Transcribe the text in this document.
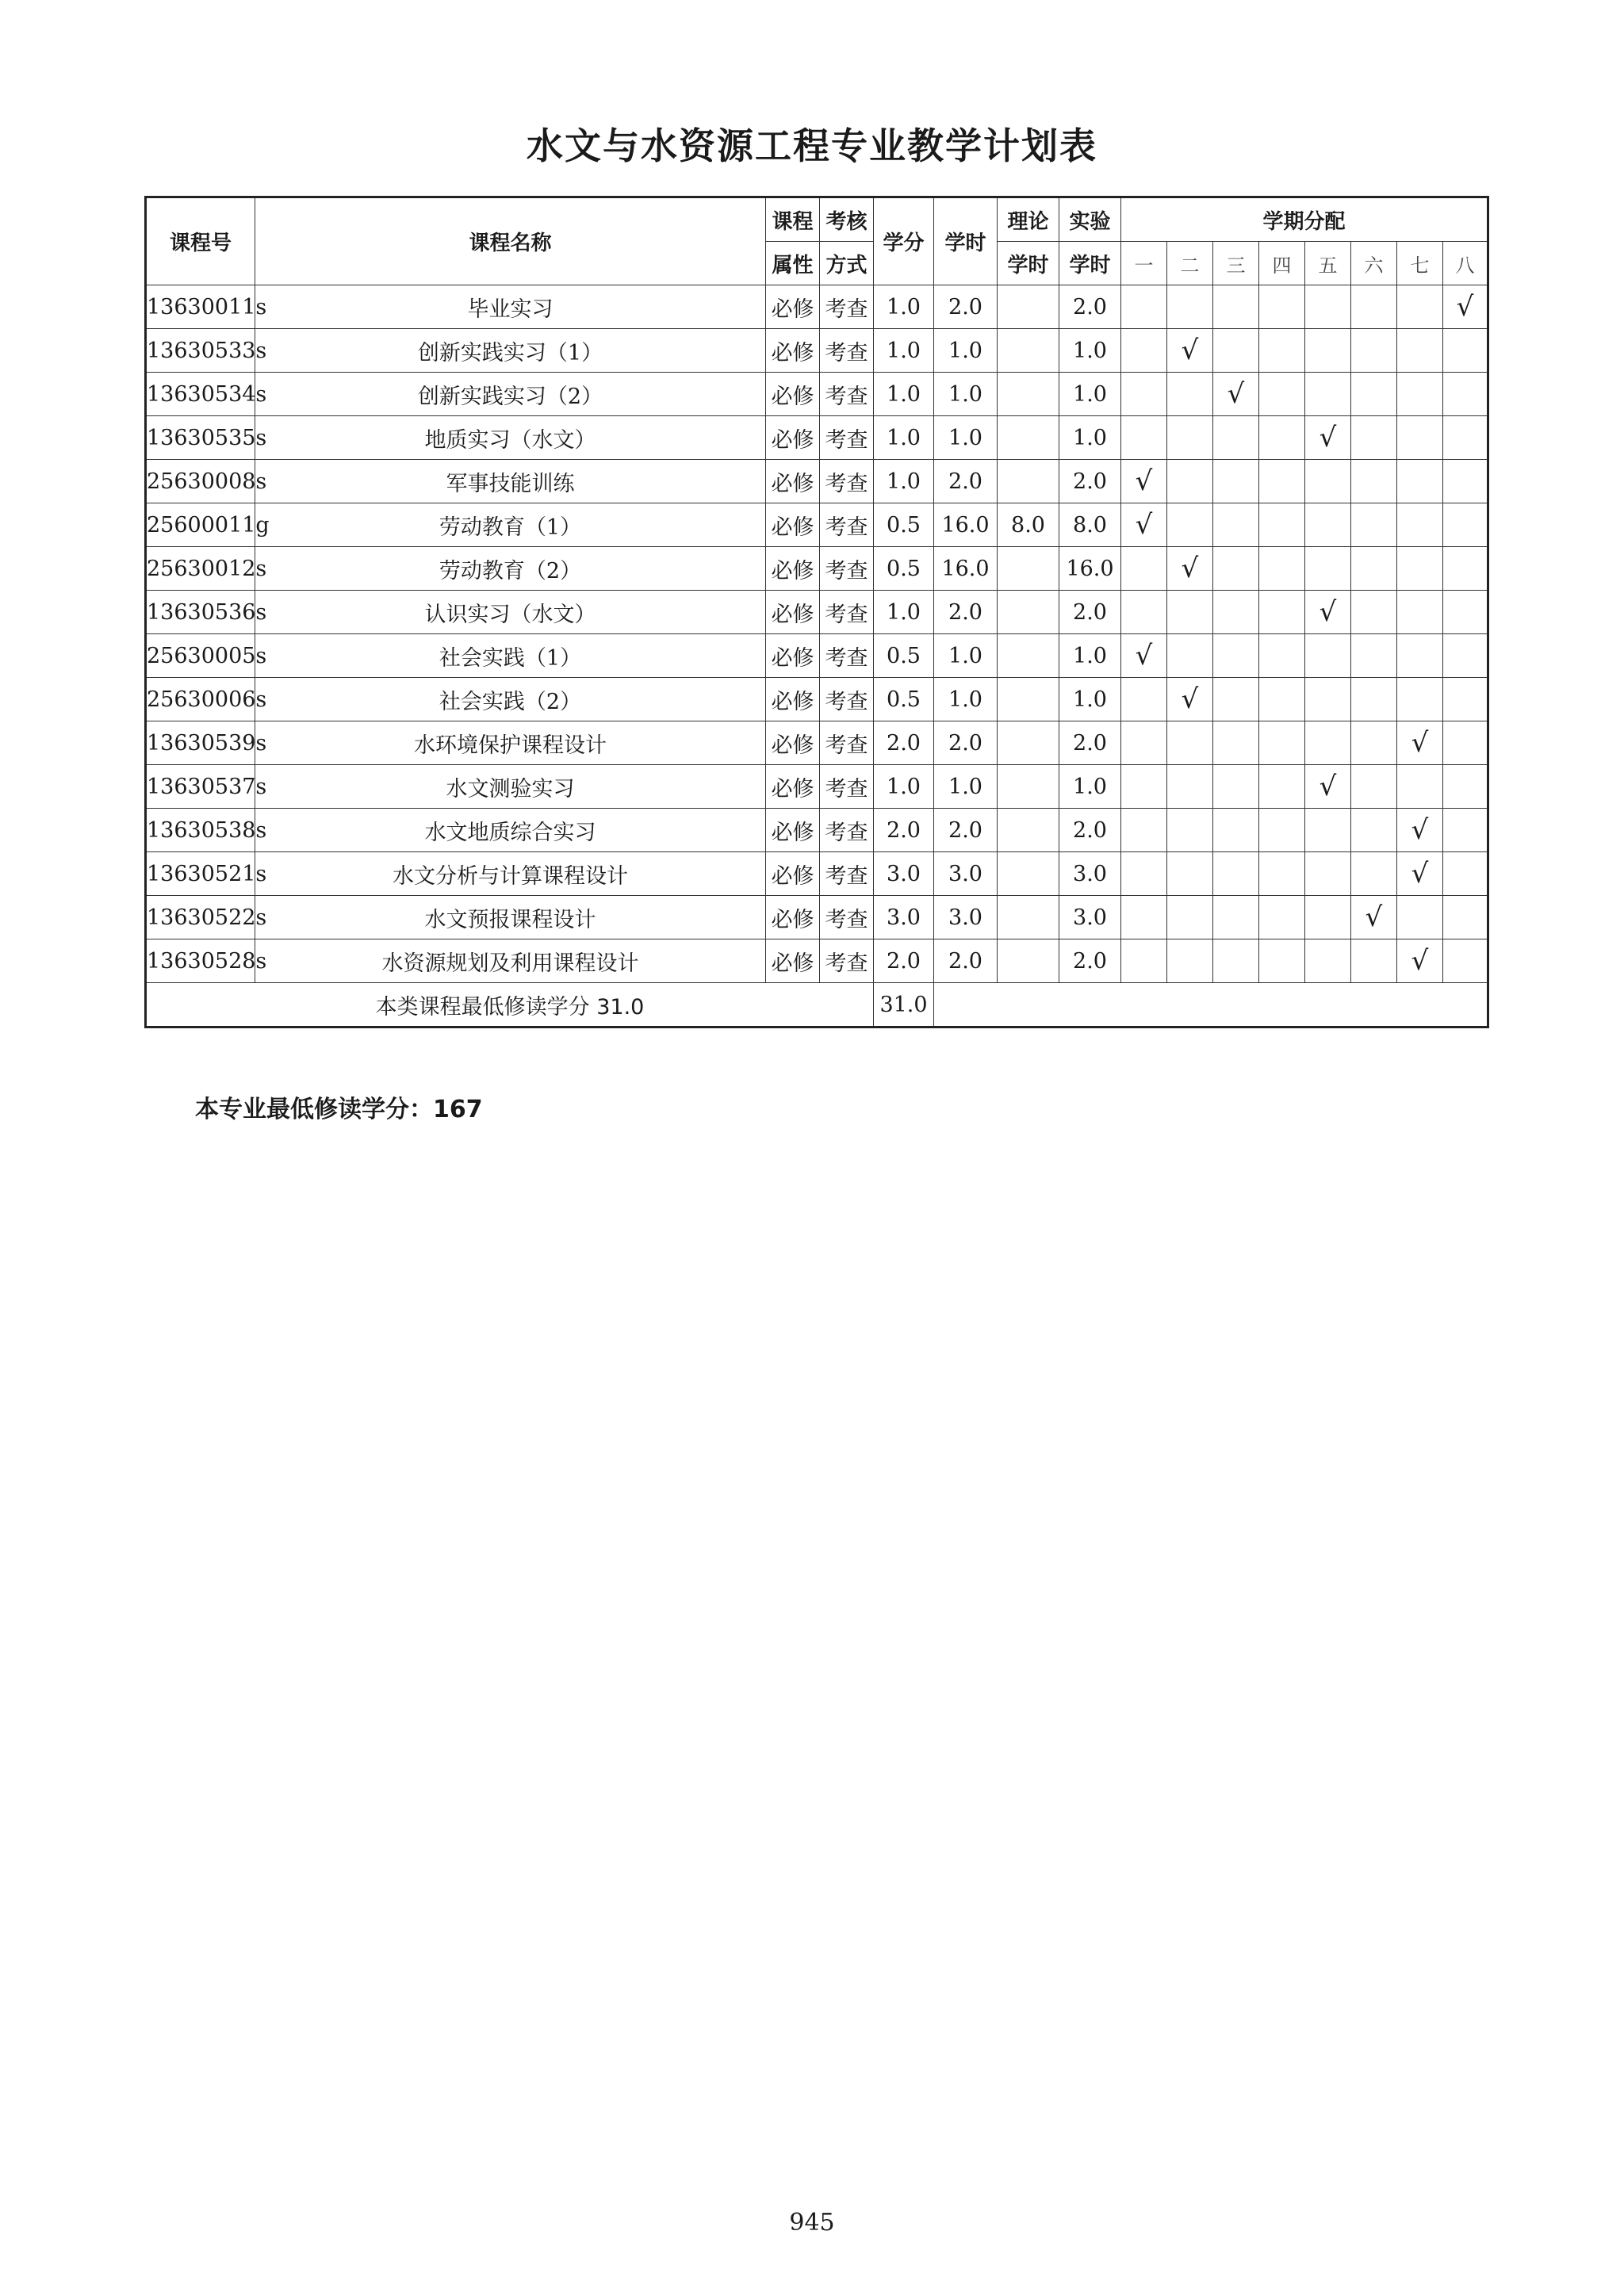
水文与水资源工程专业教学计划表
课程号	课程名称	课程	考核	学分	学时	理论	实验	学期分配							
		属性	方式			学时	学时	一	二	三	四	五	六	七	八
13630011s	毕业实习	必修	考查	1.0	2.0		2.0								√
13630533s	创新实践实习（1）	必修	考查	1.0	1.0		1.0		√						
13630534s	创新实践实习（2）	必修	考查	1.0	1.0		1.0			√					
13630535s	地质实习（水文）	必修	考查	1.0	1.0		1.0					√			
25630008s	军事技能训练	必修	考查	1.0	2.0		2.0	√							
25600011g	劳动教育（1）	必修	考查	0.5	16.0	8.0	8.0	√							
25630012s	劳动教育（2）	必修	考查	0.5	16.0		16.0		√						
13630536s	认识实习（水文）	必修	考查	1.0	2.0		2.0					√			
25630005s	社会实践（1）	必修	考查	0.5	1.0		1.0	√							
25630006s	社会实践（2）	必修	考查	0.5	1.0		1.0		√						
13630539s	水环境保护课程设计	必修	考查	2.0	2.0		2.0							√	
13630537s	水文测验实习	必修	考查	1.0	1.0		1.0					√			
13630538s	水文地质综合实习	必修	考查	2.0	2.0		2.0							√	
13630521s	水文分析与计算课程设计	必修	考查	3.0	3.0		3.0							√	
13630522s	水文预报课程设计	必修	考查	3.0	3.0		3.0						√		
13630528s	水资源规划及利用课程设计	必修	考查	2.0	2.0		2.0							√	
本类课程最低修读学分 31.0				31.0											

本专业最低修读学分：167

945
